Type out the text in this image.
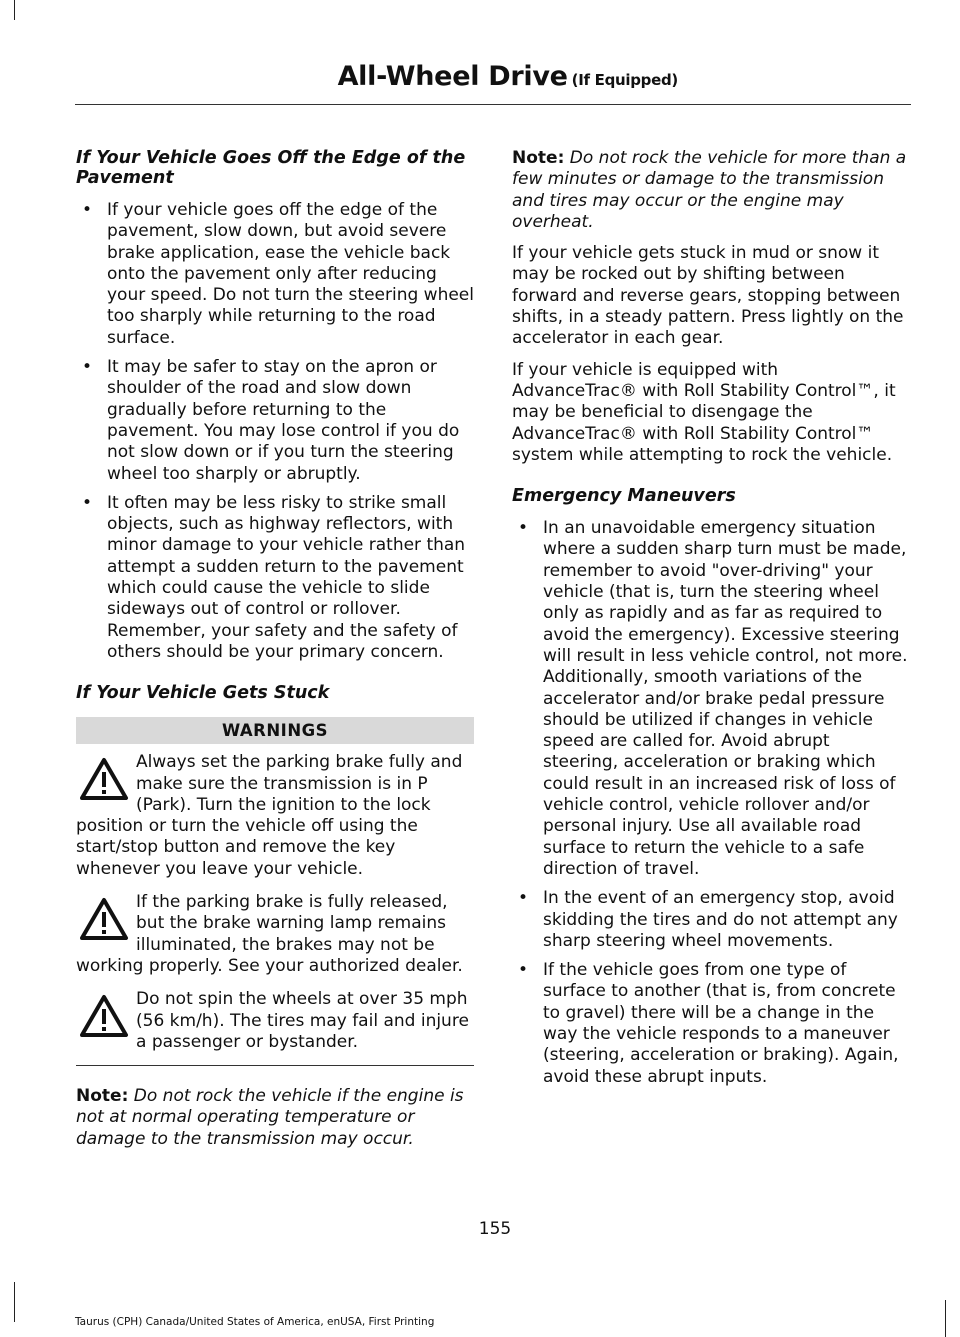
All-Wheel Drive (If Equipped)
If Your Vehicle Goes Off the Edge of the Pavement
• If your vehicle goes off the edge of the pavement, slow down, but avoid severe brake application, ease the vehicle back onto the pavement only after reducing your speed. Do not turn the steering wheel too sharply while returning to the road surface.
• It may be safer to stay on the apron or shoulder of the road and slow down gradually before returning to the pavement. You may lose control if you do not slow down or if you turn the steering wheel too sharply or abruptly.
• It often may be less risky to strike small objects, such as highway reflectors, with minor damage to your vehicle rather than attempt a sudden return to the pavement which could cause the vehicle to slide sideways out of control or rollover. Remember, your safety and the safety of others should be your primary concern.
If Your Vehicle Gets Stuck
WARNINGS
Always set the parking brake fully and make sure the transmission is in P (Park). Turn the ignition to the lock position or turn the vehicle off using the start/stop button and remove the key whenever you leave your vehicle.
If the parking brake is fully released, but the brake warning lamp remains illuminated, the brakes may not be working properly. See your authorized dealer.
Do not spin the wheels at over 35 mph (56 km/h). The tires may fail and injure a passenger or bystander.

Note: Do not rock the vehicle if the engine is not at normal operating temperature or damage to the transmission may occur.

Note: Do not rock the vehicle for more than a few minutes or damage to the transmission and tires may occur or the engine may overheat.

If your vehicle gets stuck in mud or snow it may be rocked out by shifting between forward and reverse gears, stopping between shifts, in a steady pattern. Press lightly on the accelerator in each gear.

If your vehicle is equipped with AdvanceTrac® with Roll Stability Control™, it may be beneficial to disengage the AdvanceTrac® with Roll Stability Control™ system while attempting to rock the vehicle.

Emergency Maneuvers
• In an unavoidable emergency situation where a sudden sharp turn must be made, remember to avoid "over-driving" your vehicle (that is, turn the steering wheel only as rapidly and as far as required to avoid the emergency). Excessive steering will result in less vehicle control, not more. Additionally, smooth variations of the accelerator and/or brake pedal pressure should be utilized if changes in vehicle speed are called for. Avoid abrupt steering, acceleration or braking which could result in an increased risk of loss of vehicle control, vehicle rollover and/or personal injury. Use all available road surface to return the vehicle to a safe direction of travel.
• In the event of an emergency stop, avoid skidding the tires and do not attempt any sharp steering wheel movements.
• If the vehicle goes from one type of surface to another (that is, from concrete to gravel) there will be a change in the way the vehicle responds to a maneuver (steering, acceleration or braking). Again, avoid these abrupt inputs.
155
Taurus (CPH) Canada/United States of America, enUSA, First Printing
